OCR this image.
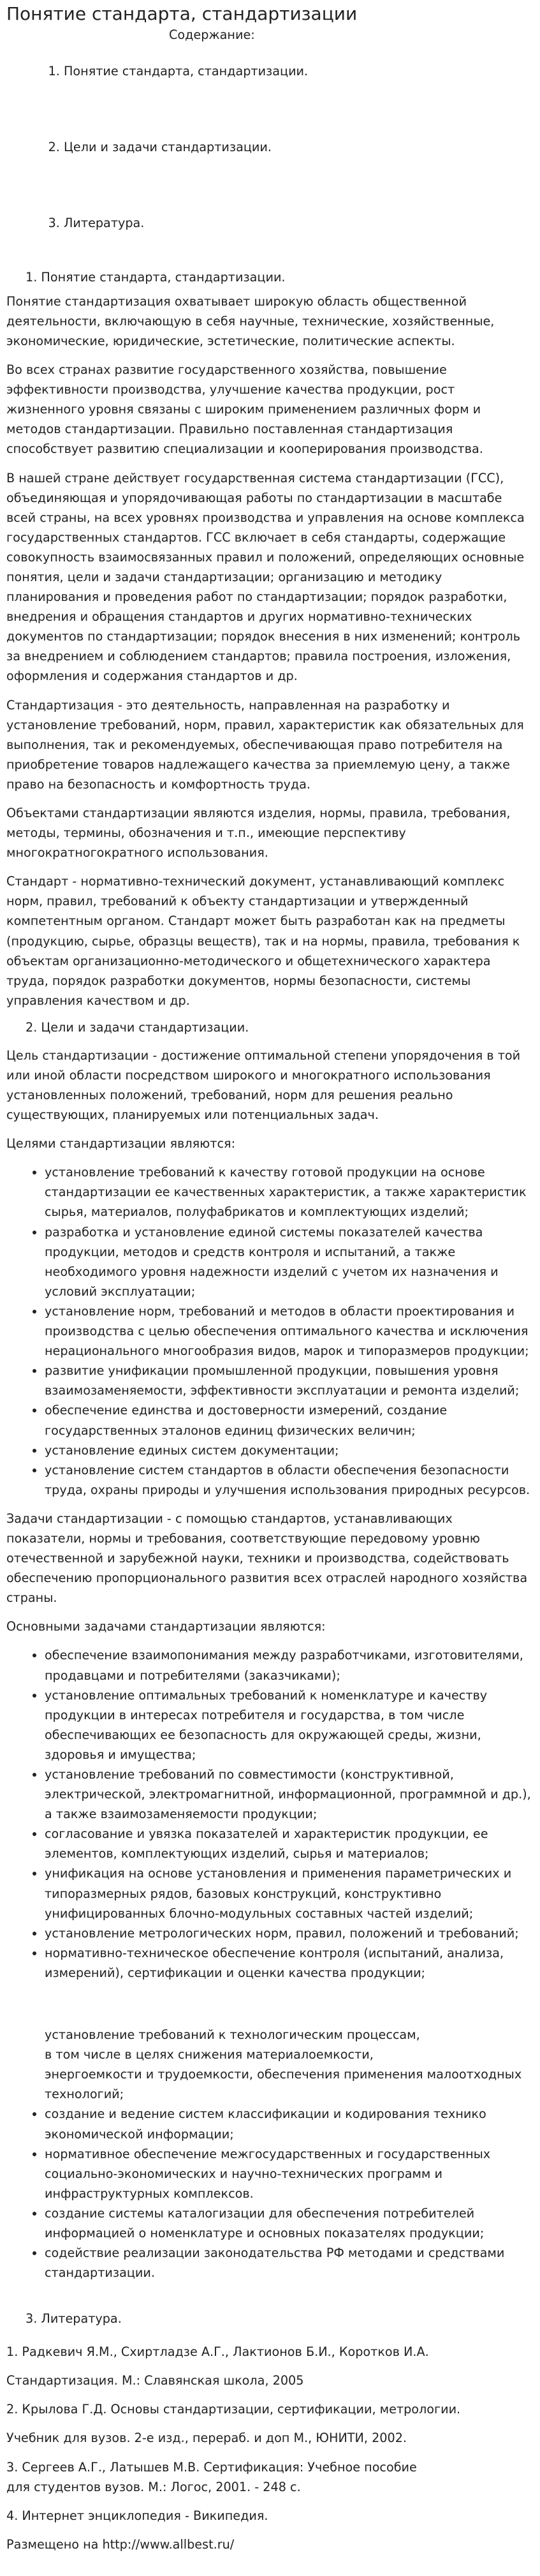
Понятие стандарта, стандартизации
Содержание:
1. Понятие стандарта, стандартизации.
2. Цели и задачи стандартизации.
3. Литература.
1. Понятие стандарта, стандартизации.

Понятие стандартизация охватывает широкую область общественной деятельности, включающую в себя научные, технические, хозяйственные, экономические, юридические, эстетические, политические аспекты.

Во всех странах развитие государственного хозяйства, повышение эффективности производства, улучшение качества продукции, рост жизненного уровня связаны с широким применением различных форм и методов стандартизации. Правильно поставленная стандартизация способствует развитию специализации и кооперирования производства.

В нашей стране действует государственная система стандартизации (ГСС), объединяющая и упорядочивающая работы по стандартизации в масштабе всей страны, на всех уровнях производства и управления на основе комплекса государственных стандартов. ГСС включает в себя стандарты, содержащие совокупность взаимосвязанных правил и положений, определяющих основные понятия, цели и задачи стандартизации; организацию и методику планирования и проведения работ по стандартизации; порядок разработки, внедрения и обращения стандартов и других нормативно-технических документов по стандартизации; порядок внесения в них изменений; контроль за внедрением и соблюдением стандартов; правила построения, изложения, оформления и содержания стандартов и др.

Стандартизация - это деятельность, направленная на разработку и установление требований, норм, правил, характеристик как обязательных для выполнения, так и рекомендуемых, обеспечивающая право потребителя на приобретение товаров надлежащего качества за приемлемую цену, а также право на безопасность и комфортность труда.

Объектами стандартизации являются изделия, нормы, правила, требования, методы, термины, обозначения и т.п., имеющие перспективу многократногократного использования.

Стандарт - нормативно-технический документ, устанавливающий комплекс норм, правил, требований к объекту стандартизации и утвержденный компетентным органом. Стандарт может быть разработан как на предметы (продукцию, сырье, образцы веществ), так и на нормы, правила, требования к объектам организационно-методического и общетехнического характера труда, порядок разработки документов, нормы безопасности, системы управления качеством и др.

2. Цели и задачи стандартизации.

Цель стандартизации - достижение оптимальной степени упорядочения в той или иной области посредством широкого и многократного использования установленных положений, требований, норм для решения реально существующих, планируемых или потенциальных задач.

Целями стандартизации являются:

• установление требований к качеству готовой продукции на основе стандартизации ее качественных характеристик, а также характеристик сырья, материалов, полуфабрикатов и комплектующих изделий;
• разработка и установление единой системы показателей качества продукции, методов и средств контроля и испытаний, а также необходимого уровня надежности изделий с учетом их назначения и условий эксплуатации;
• установление норм, требований и методов в области проектирования и производства с целью обеспечения оптимального качества и исключения нерационального многообразия видов, марок и типоразмеров продукции;
• развитие унификации промышленной продукции, повышения уровня взаимозаменяемости, эффективности эксплуатации и ремонта изделий;
• обеспечение единства и достоверности измерений, создание государственных эталонов единиц физических величин;
• установление единых систем документации;
• установление систем стандартов в области обеспечения безопасности труда, охраны природы и улучшения использования природных ресурсов.

Задачи стандартизации - с помощью стандартов, устанавливающих показатели, нормы и требования, соответствующие передовому уровню отечественной и зарубежной науки, техники и производства, содействовать обеспечению пропорционального развития всех отраслей народного хозяйства страны.

Основными задачами стандартизации являются:

• обеспечение взаимопонимания между разработчиками, изготовителями, продавцами и потребителями (заказчиками);
• установление оптимальных требований к номенклатуре и качеству продукции в интересах потребителя и государства, в том числе обеспечивающих ее безопасность для окружающей среды, жизни, здоровья и имущества;
• установление требований по совместимости (конструктивной, электрической, электромагнитной, информационной, программной и др.), а также взаимозаменяемости продукции;
• согласование и увязка показателей и характеристик продукции, ее элементов, комплектующих изделий, сырья и материалов;
• унификация на основе установления и применения параметрических и типоразмерных рядов, базовых конструкций, конструктивно унифицированных блочно-модульных составных частей изделий;
• установление метрологических норм, правил, положений и требований;
• нормативно-техническое обеспечение контроля (испытаний, анализа, измерений), сертификации и оценки качества продукции;
установление требований к технологическим процессам,
в том числе в целях снижения материалоемкости,
энергоемкости и трудоемкости, обеспечения применения малоотходных технологий;
• создание и ведение систем классификации и кодирования технико экономической информации;
• нормативное обеспечение межгосударственных и государственных социально-экономических и научно-технических программ и инфраструктурных комплексов.
• создание системы каталогизации для обеспечения потребителей информацией о номенклатуре и основных показателях продукции;
• содействие реализации законодательства РФ методами и средствами стандартизации.
3. Литература.
1. Радкевич Я.М., Схиртладзе А.Г., Лактионов Б.И., Коротков И.А.
Стандартизация. М.: Славянская школа, 2005
2. Крылова Г.Д. Основы стандартизации, сертификации, метрологии.
Учебник для вузов. 2-е изд., перераб. и доп М., ЮНИТИ, 2002.
3. Сергеев А.Г., Латышев М.В. Сертификация: Учебное пособие
для студентов вузов. М.: Логос, 2001. - 248 с.
4. Интернет энциклопедия - Википедия.
Размещено на http://www.allbest.ru/
